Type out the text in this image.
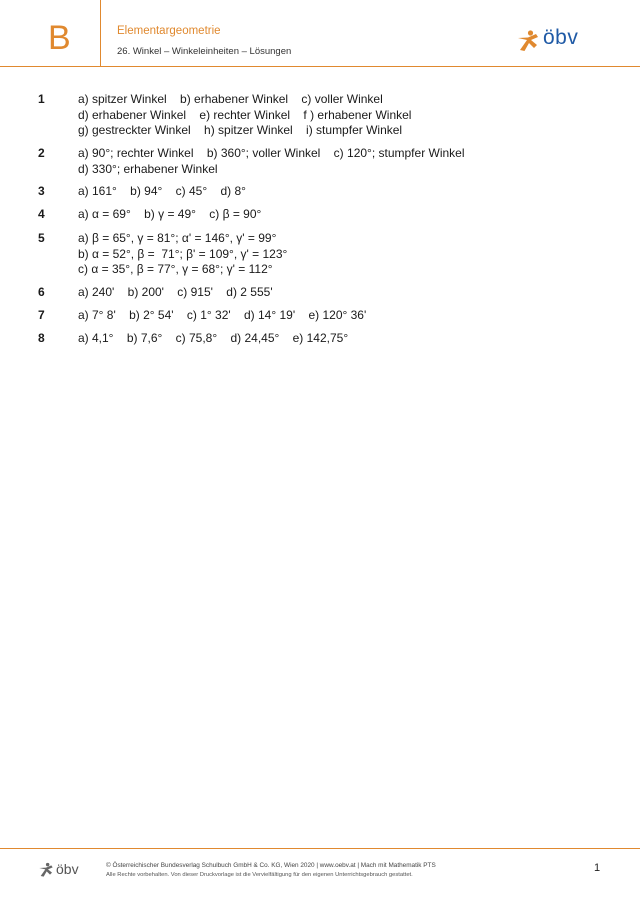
B	Elementargeometrie
26. Winkel – Winkeleinheiten – Lösungen
öbv
1	a) spitzer Winkel    b) erhabener Winkel    c) voller Winkel
d) erhabener Winkel    e) rechter Winkel    f ) erhabener Winkel
g) gestreckter Winkel    h) spitzer Winkel    i) stumpfer Winkel
2	a) 90°; rechter Winkel    b) 360°; voller Winkel    c) 120°; stumpfer Winkel
d) 330°; erhabener Winkel
3	a) 161°    b) 94°    c) 45°    d) 8°
4	a) α = 69°    b) γ = 49°    c) β = 90°
5	a) β = 65°, γ = 81°; α' = 146°, γ' = 99°
b) α = 52°, β =  71°; β' = 109°, γ' = 123°
c) α = 35°, β = 77°, γ = 68°; γ' = 112°
6	a) 240'    b) 200'    c) 915'    d) 2 555'
7	a) 7° 8'    b) 2° 54'    c) 1° 32'    d) 14° 19'    e) 120° 36'
8	a) 4,1°    b) 7,6°    c) 75,8°    d) 24,45°    e) 142,75°
öbv	© Österreichischer Bundesverlag Schulbuch GmbH & Co. KG, Wien 2020 | www.oebv.at | Mach mit Mathematik PTS
Alle Rechte vorbehalten. Von dieser Druckvorlage ist die Vervielfältigung für den eigenen Unterrichtsgebrauch gestattet.
1
